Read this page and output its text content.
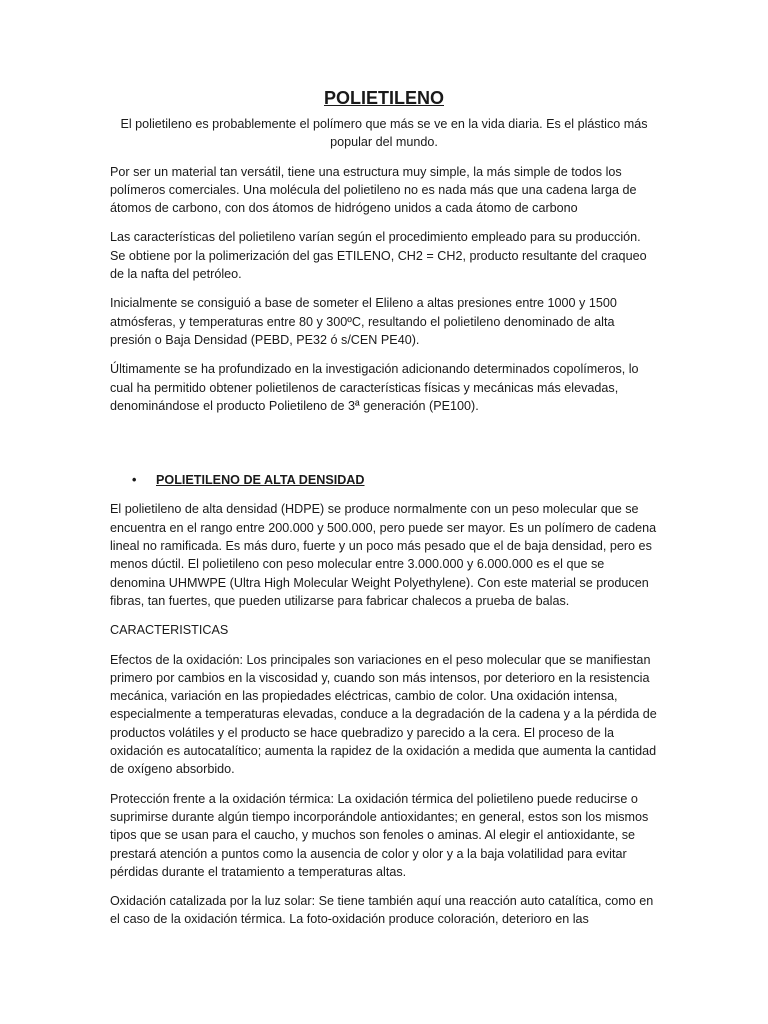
POLIETILENO

El polietileno es probablemente el polímero que más se ve en la vida diaria. Es el plástico más popular del mundo.

Por ser un material tan versátil, tiene una estructura muy simple, la más simple de todos los polímeros comerciales. Una molécula del polietileno no es nada más que una cadena larga de átomos de carbono, con dos átomos de hidrógeno unidos a cada átomo de carbono

Las características del polietileno varían según el procedimiento empleado para su producción. Se obtiene por la polimerización del gas ETILENO, CH2 = CH2, producto resultante del craqueo de la nafta del petróleo.

Inicialmente se consiguió a base de someter el Elileno a altas presiones entre 1000 y 1500 atmósferas, y temperaturas entre 80 y 300ºC, resultando el polietileno denominado de alta presión o Baja Densidad (PEBD, PE32 ó s/CEN PE40).

Últimamente se ha profundizado en la investigación adicionando determinados copolímeros, lo cual ha permitido obtener polietilenos de características físicas y mecánicas más elevadas, denominándose el producto Polietileno de 3ª generación (PE100).

•	POLIETILENO DE ALTA DENSIDAD

El polietileno de alta densidad (HDPE) se produce normalmente con un peso molecular que se encuentra en el rango entre 200.000 y 500.000, pero puede ser mayor. Es un polímero de cadena lineal no ramificada. Es más duro, fuerte y un poco más pesado que el de baja densidad, pero es menos dúctil. El polietileno con peso molecular entre 3.000.000 y 6.000.000 es el que se denomina UHMWPE (Ultra High Molecular Weight Polyethylene). Con este material se producen fibras, tan fuertes, que pueden utilizarse para fabricar chalecos a prueba de balas.

CARACTERISTICAS

Efectos de la oxidación: Los principales son variaciones en el peso molecular que se manifiestan primero por cambios en la viscosidad y, cuando son más intensos, por deterioro en la resistencia mecánica, variación en las propiedades eléctricas, cambio de color. Una oxidación intensa, especialmente a temperaturas elevadas, conduce a la degradación de la cadena y a la pérdida de productos volátiles y el producto se hace quebradizo y parecido a la cera. El proceso de la oxidación es autocatalítico; aumenta la rapidez de la oxidación a medida que aumenta la cantidad de oxígeno absorbido.

Protección frente a la oxidación térmica: La oxidación térmica del polietileno puede reducirse o suprimirse durante algún tiempo incorporándole antioxidantes; en general, estos son los mismos tipos que se usan para el caucho, y muchos son fenoles o aminas. Al elegir el antioxidante, se prestará atención a puntos como la ausencia de color y olor y a la baja volatilidad para evitar pérdidas durante el tratamiento a temperaturas altas.

Oxidación catalizada por la luz solar: Se tiene también aquí una reacción auto catalítica, como en el caso de la oxidación térmica. La foto-oxidación produce coloración, deterioro en las
